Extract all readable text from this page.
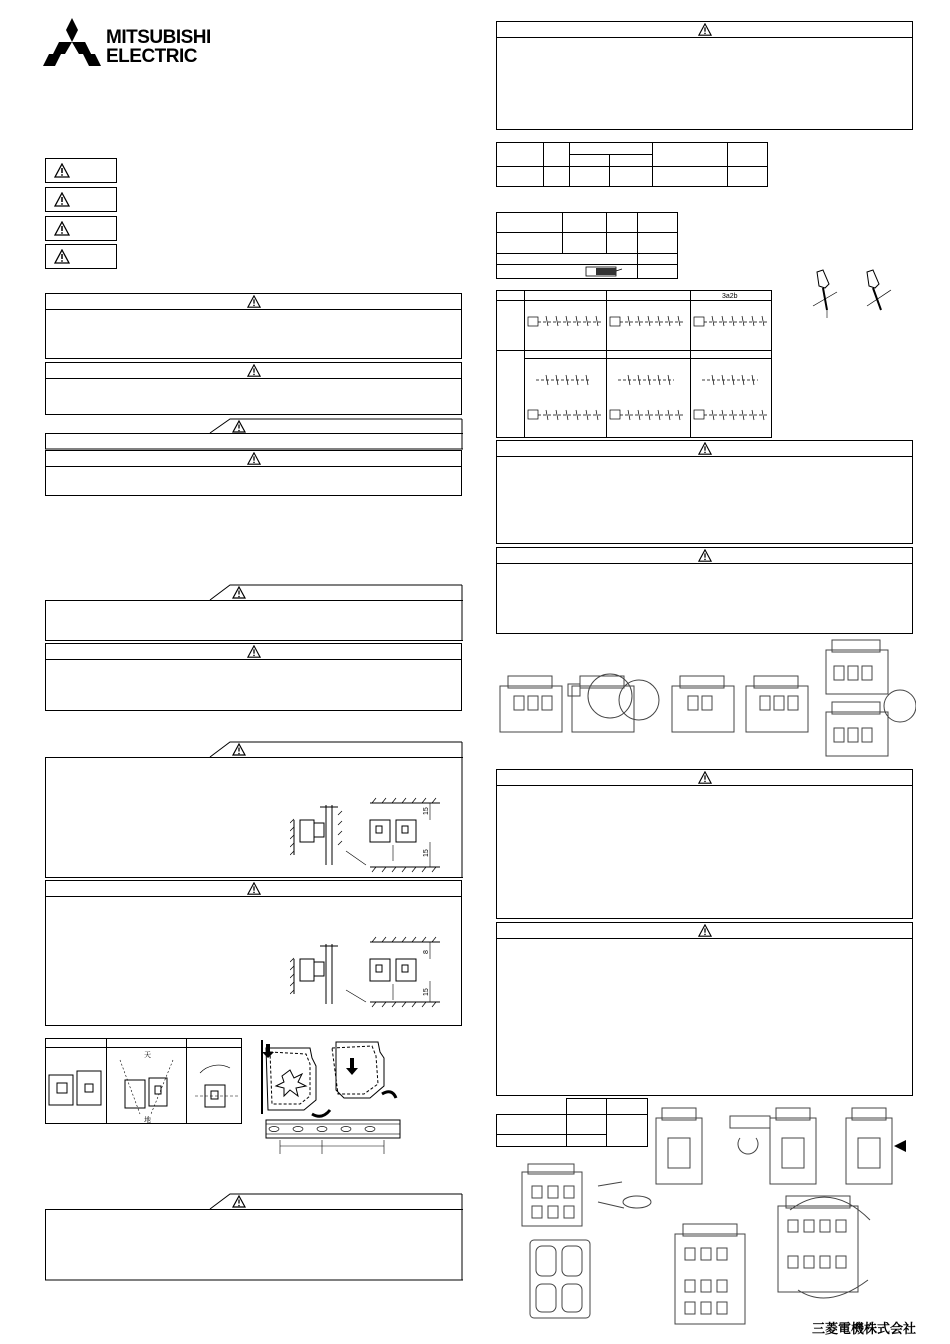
MITSUBISHI
ELECTRIC
15
15
8
15
天
地
3a2b
三菱電機株式会社
